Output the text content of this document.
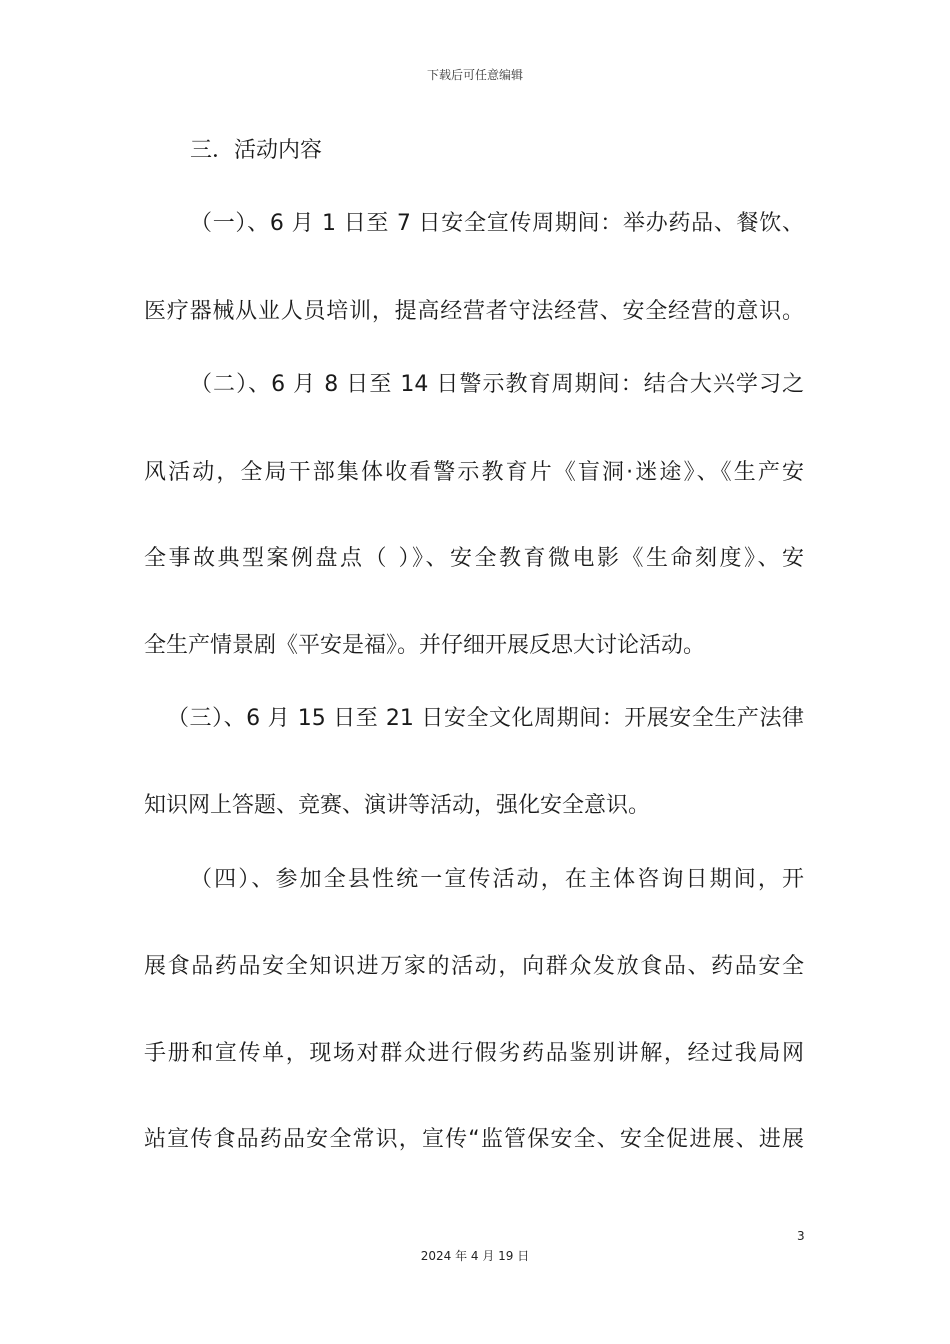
下载后可任意编辑
三．活动内容
（一）、6 月 1 日至 7 日安全宣传周期间：举办药品、餐饮、
医疗器械从业人员培训，提高经营者守法经营、安全经营的意识。
（二）、6 月 8 日至 14 日警示教育周期间：结合大兴学习之
风活动，全局干部集体收看警示教育片《盲洞·迷途》、《生产安
全事故典型案例盘点（ ）》、安全教育微电影《生命刻度》、安
全生产情景剧《平安是福》。并仔细开展反思大讨论活动。
（三）、6 月 15 日至 21 日安全文化周期间：开展安全生产法律
知识网上答题、竞赛、演讲等活动，强化安全意识。
（四）、参加全县性统一宣传活动，在主体咨询日期间，开
展食品药品安全知识进万家的活动，向群众发放食品、药品安全
手册和宣传单，现场对群众进行假劣药品鉴别讲解，经过我局网
站宣传食品药品安全常识，宣传“监管保安全、安全促进展、进展
3
2024 年 4 月 19 日
